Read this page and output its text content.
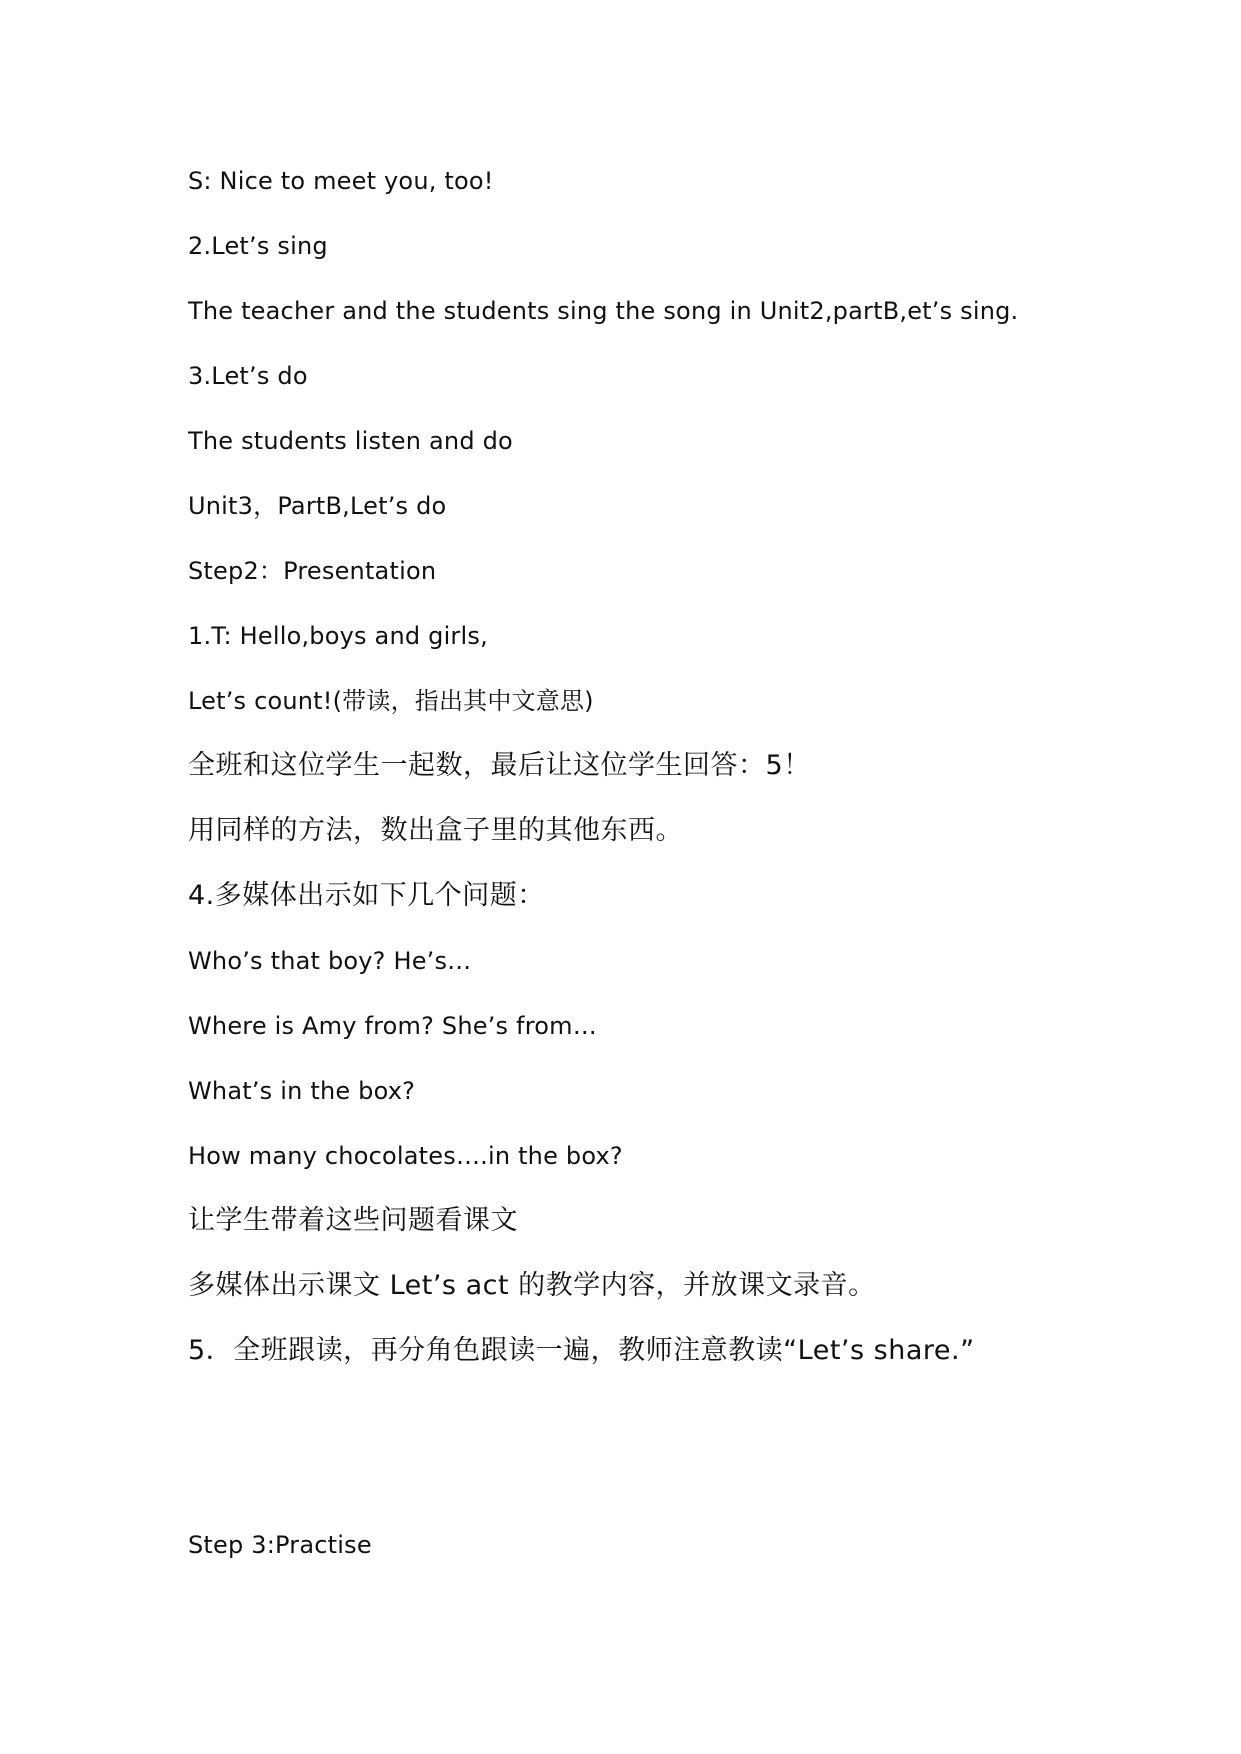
S: Nice to meet you, too!
2.Let’s sing
The teacher and the students sing the song in Unit2,partB,et’s sing.
3.Let’s do
The students listen and do
Unit3，PartB,Let’s do
Step2：Presentation
1.T: Hello,boys and girls,
Let’s count!(带读，指出其中文意思)
全班和这位学生一起数，最后让这位学生回答：5！
用同样的方法，数出盒子里的其他东西。
4.多媒体出示如下几个问题：
Who’s that boy? He’s…
Where is Amy from? She’s from…
What’s in the box?
How many chocolates….in the box?
让学生带着这些问题看课文
多媒体出示课文 Let’s act 的教学内容，并放课文录音。
5．全班跟读，再分角色跟读一遍，教师注意教读“Let’s share.”
Step 3:Practise
